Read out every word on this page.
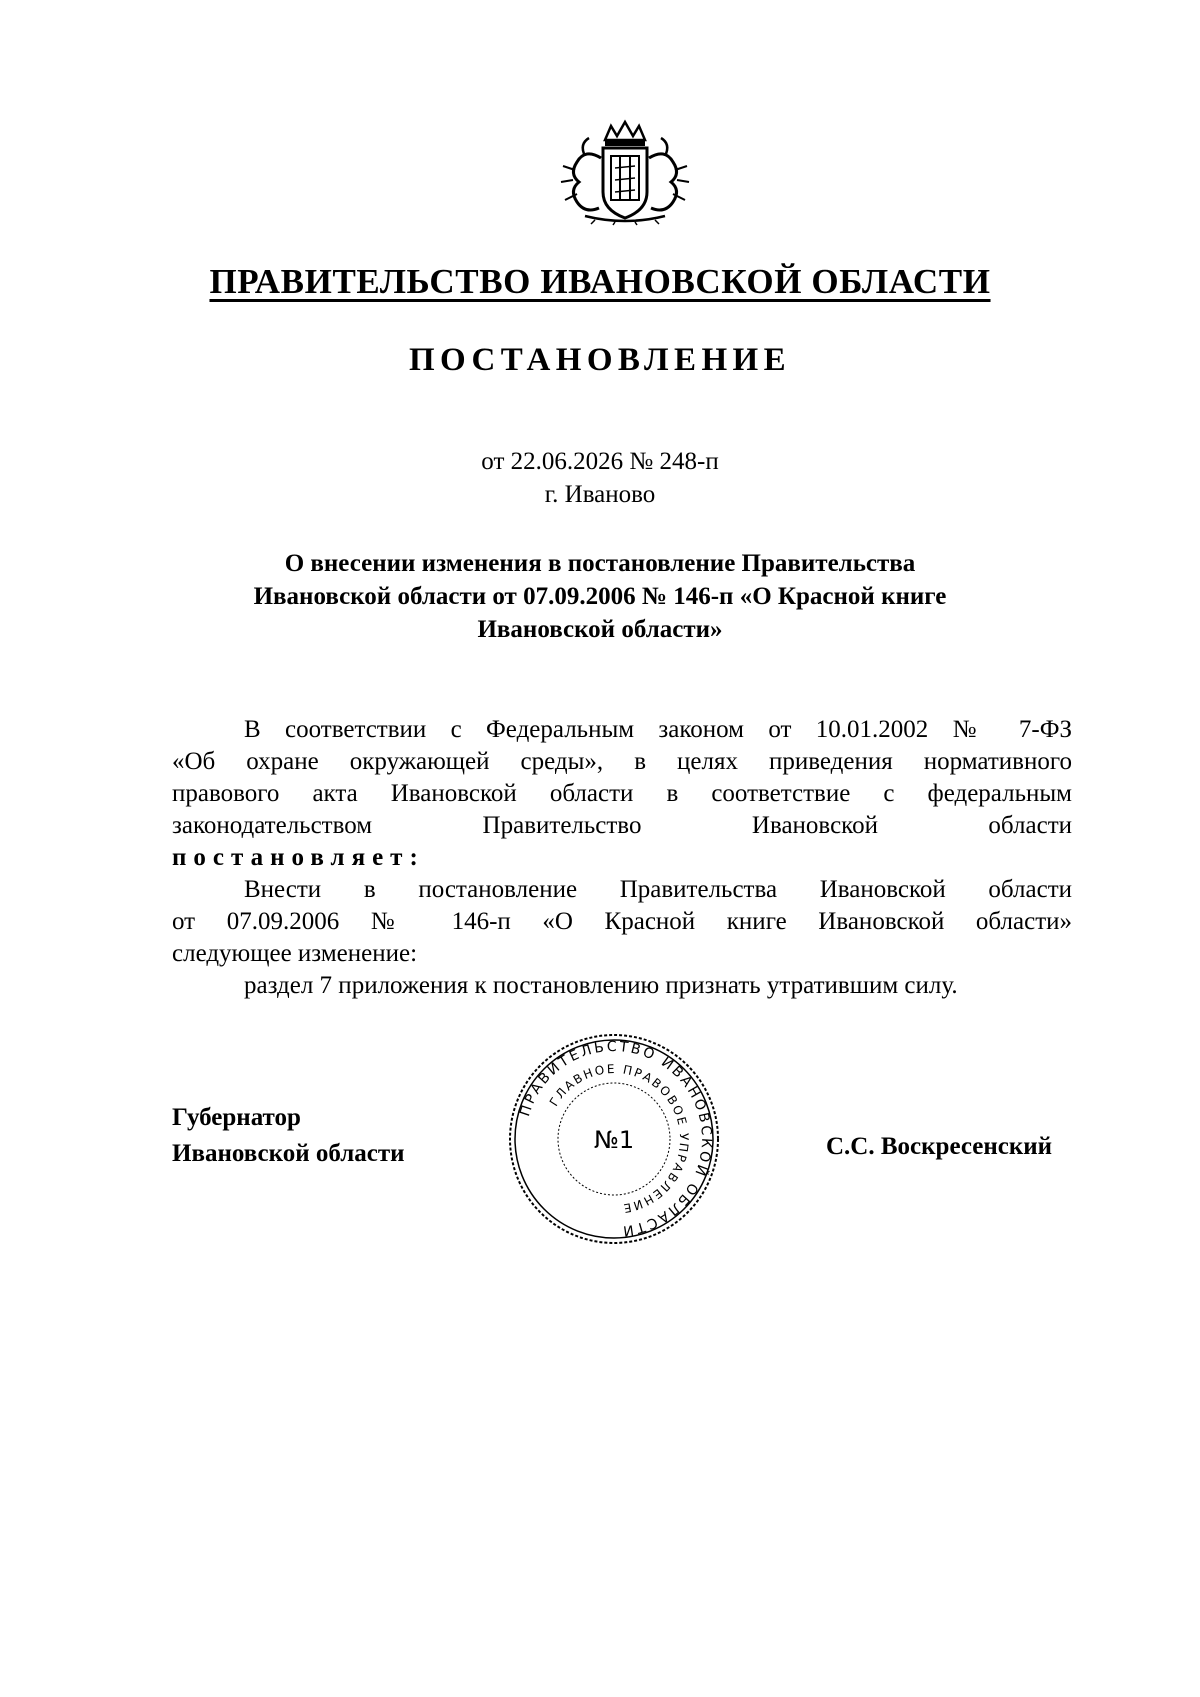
ПРАВИТЕЛЬСТВО ИВАНОВСКОЙ ОБЛАСТИ
ПОСТАНОВЛЕНИЕ
от 22.06.2026 № 248-п
г. Иваново
О внесении изменения в постановление Правительства
Ивановской области от 07.09.2006 № 146-п «О Красной книге
Ивановской области»
В соответствии с Федеральным законом от 10.01.2002 № 7-ФЗ
«Об охране окружающей среды», в целях приведения нормативного
правового акта Ивановской области в соответствие с федеральным
законодательством Правительство Ивановской области
постановляет:
Внести в постановление Правительства Ивановской области
от 07.09.2006 № 146-п «О Красной книге Ивановской области»
следующее изменение:
раздел 7 приложения к постановлению признать утратившим силу.
Губернатор
Ивановской области
ПРАВИТЕЛЬСТВО ИВАНОВСКОЙ ОБЛАСТИ
ГЛАВНОЕ ПРАВОВОЕ УПРАВЛЕНИЕ
№1	С.С. Воскресенский
